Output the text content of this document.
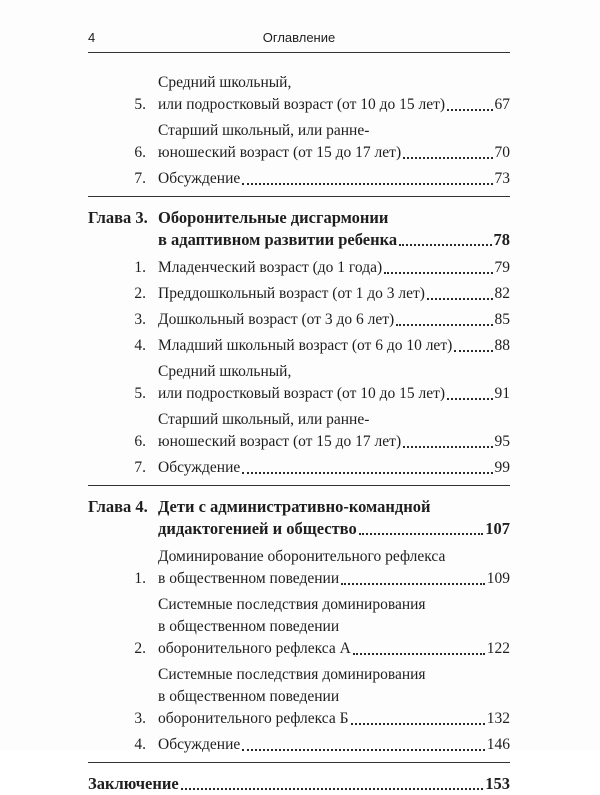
4	Оглавление
5.
Средний школьный,
или подростковый возраст (от 10 до 15 лет)	67
6.
Старший школьный, или ранне-
юношеский возраст (от 15 до 17 лет)	70
7. Обсуждение	73
Глава 3. Оборонительные дисгармонии
в адаптивном развитии ребенка	78
1. Младенческий возраст (до 1 года)	79
2. Преддошкольный возраст (от 1 до 3 лет)	82
3. Дошкольный возраст (от 3 до 6 лет)	85
4. Младший школьный возраст (от 6 до 10 лет)	88
5.
Средний школьный,
или подростковый возраст (от 10 до 15 лет)	91
6.
Старший школьный, или ранне-
юношеский возраст (от 15 до 17 лет)	95
7. Обсуждение	99
Глава 4. Дети с административно-командной
дидактогенией и общество	107
1.
Доминирование оборонительного рефлекса
в общественном поведении	109
2.
Системные последствия доминирования
в общественном поведении
оборонительного рефлекса А	122
3.
Системные последствия доминирования
в общественном поведении
оборонительного рефлекса Б	132
4. Обсуждение	146
Заключение	153
